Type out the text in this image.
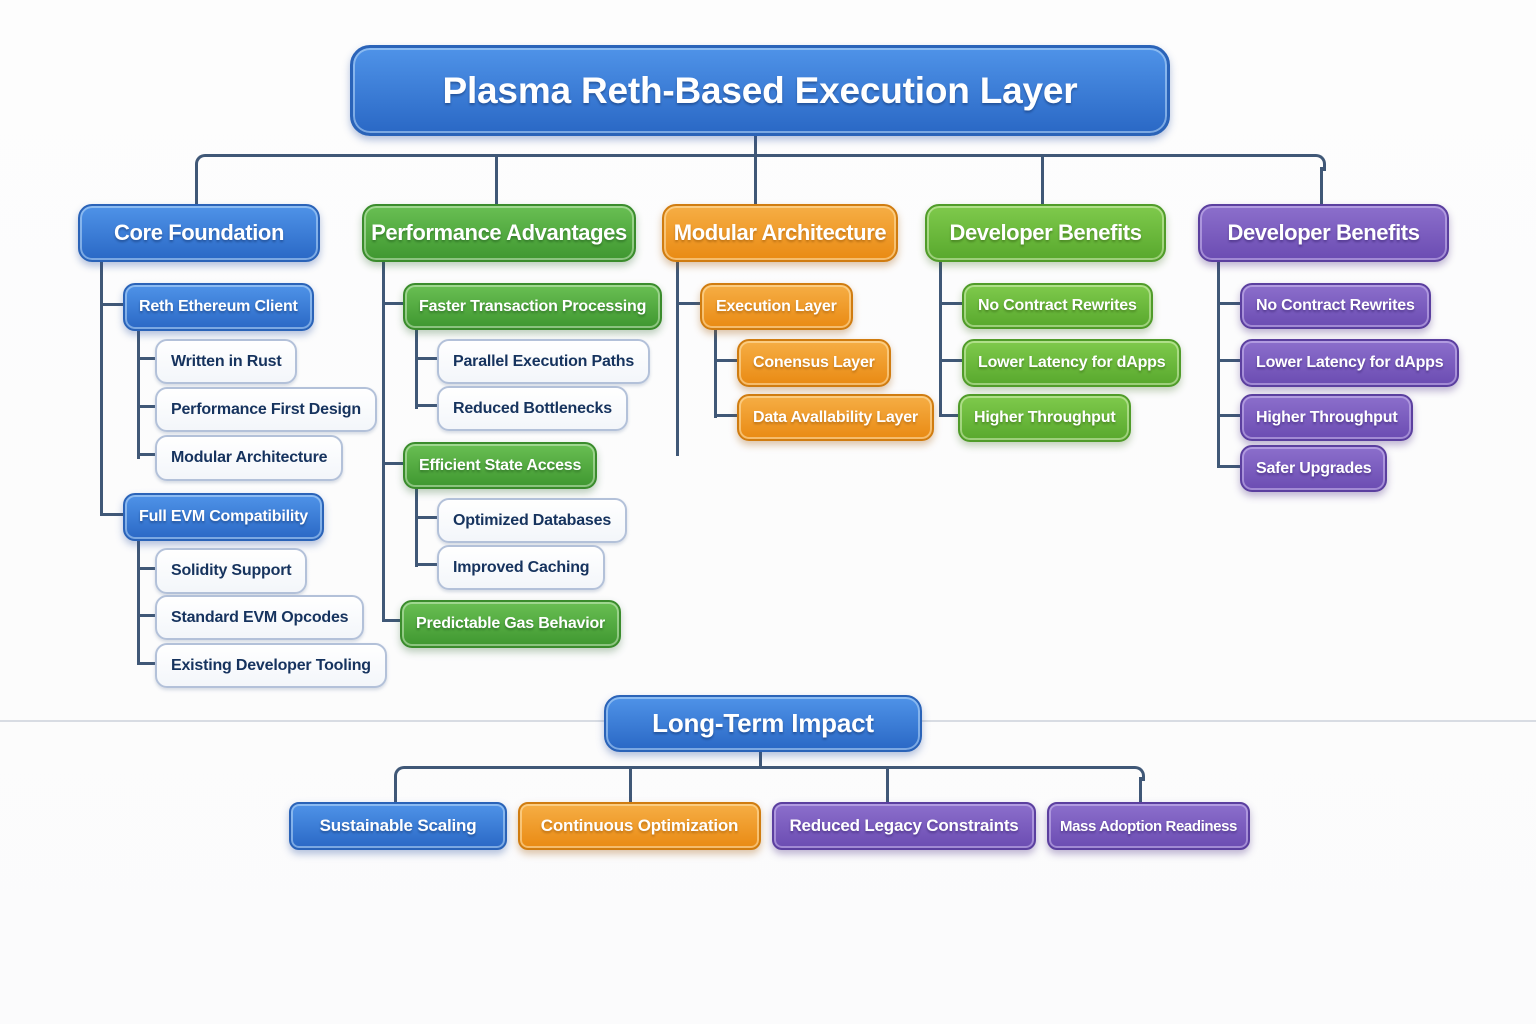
Plasma Reth-Based Execution Layer
Core Foundation	Performance Advantages	Modular Architecture	Developer Benefits	Developer Benefits
Reth Ethereum Client
Written in Rust
Performance First Design
Modular Architecture
Full EVM Compatibility
Solidity Support
Standard EVM Opcodes
Existing Developer Tooling
Faster Transaction Processing
Parallel Execution Paths
Reduced Bottlenecks
Efficient State Access
Optimized Databases
Improved Caching
Predictable Gas Behavior
Execution Layer
Conensus Layer
Data Avallability Layer
No Contract Rewrites
Lower Latency for dApps
Higher Throughput
No Contract Rewrites
Lower Latency for dApps
Higher Throughput
Safer Upgrades
Long-Term Impact
Sustainable Scaling	Continuous Optimization	Reduced Legacy Constraints	Mass Adoption Readiness
